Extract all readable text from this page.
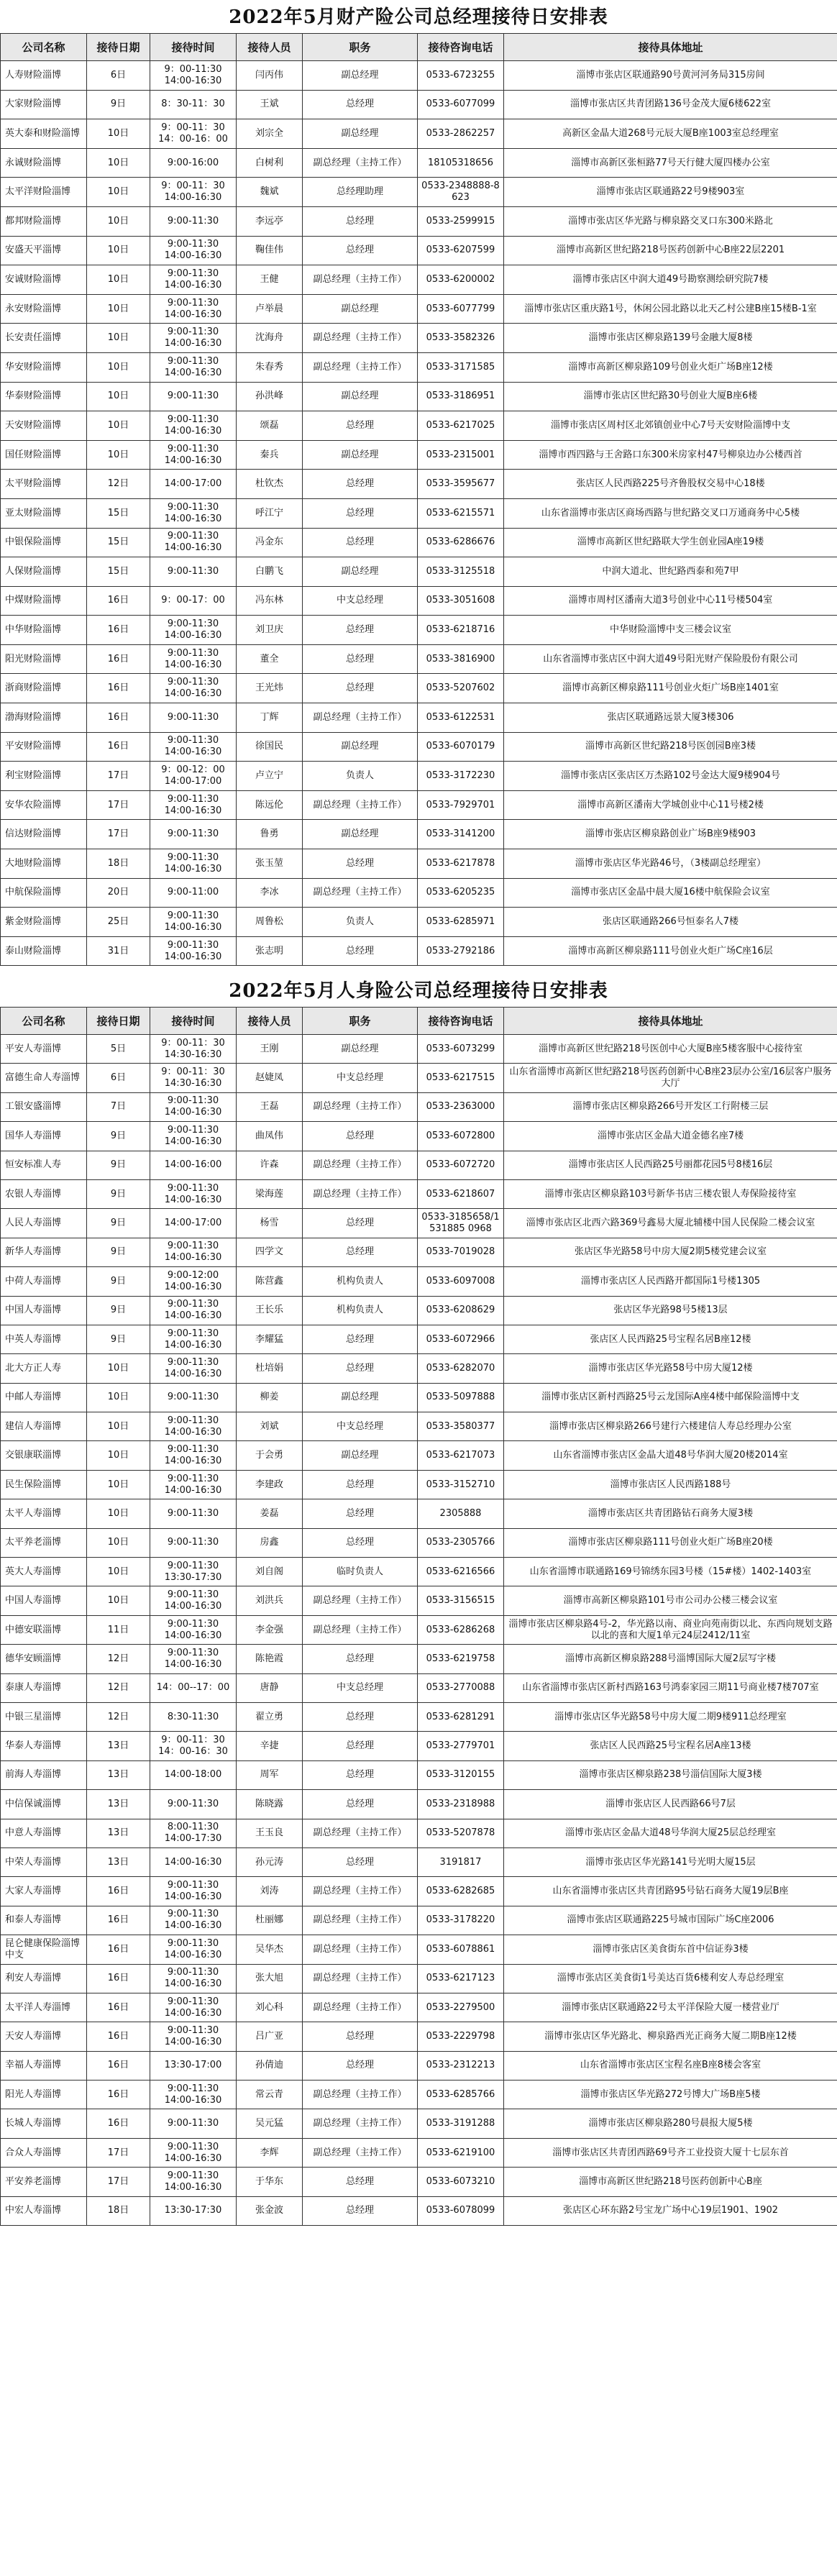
2022年5月财产险公司总经理接待日安排表
公司名称	接待日期	接待时间	接待人员	职务	接待咨询电话	接待具体地址
人寿财险淄博	6日	9：00-11:30
14:00-16:30	闫丙伟	副总经理	0533-6723255	淄博市张店区联通路90号黄河河务局315房间
大家财险淄博	9日	8：30-11：30	王斌	总经理	0533-6077099	淄博市张店区共青团路136号金茂大厦6楼622室
英大泰和财险淄博	10日	9：00-11：30
14：00-16：00	刘宗全	副总经理	0533-2862257	高新区金晶大道268号元辰大厦B座1003室总经理室
永诚财险淄博	10日	9:00-16:00	白树利	副总经理（主持工作）	18105318656	淄博市高新区张桓路77号天行健大厦四楼办公室
太平洋财险淄博	10日	9：00-11：30
14:00-16:30	魏斌	总经理助理	0533-2348888-8623	淄博市张店区联通路22号9楼903室
都邦财险淄博	10日	9:00-11:30	李远亭	总经理	0533-2599915	淄博市张店区华光路与柳泉路交叉口东300米路北
安盛天平淄博	10日	9:00-11:30
14:00-16:30	鞠佳伟	总经理	0533-6207599	淄博市高新区世纪路218号医药创新中心B座22层2201
安诚财险淄博	10日	9:00-11:30
14:00-16:30	王健	副总经理（主持工作）	0533-6200002	淄博市张店区中润大道49号勘察测绘研究院7楼
永安财险淄博	10日	9:00-11:30
14:00-16:30	卢举晨	副总经理	0533-6077799	淄博市张店区重庆路1号，休闲公园北路以北天乙村公建B座15楼B-1室
长安责任淄博	10日	9:00-11:30
14:00-16:30	沈海舟	副总经理（主持工作）	0533-3582326	淄博市张店区柳泉路139号金融大厦8楼
华安财险淄博	10日	9:00-11:30
14:00-16:30	朱春秀	副总经理（主持工作）	0533-3171585	淄博市高新区柳泉路109号创业火炬广场B座12楼
华泰财险淄博	10日	9:00-11:30	孙洪峰	副总经理	0533-3186951	淄博市张店区世纪路30号创业大厦B座6楼
天安财险淄博	10日	9:00-11:30
14:00-16:30	颂磊	总经理	0533-6217025	淄博市张店区周村区北郊镇创业中心7号天安财险淄博中支
国任财险淄博	10日	9:00-11:30
14:00-16:30	秦兵	副总经理	0533-2315001	淄博市西四路与王舍路口东300米房家村47号柳泉边办公楼西首
太平财险淄博	12日	14:00-17:00	杜钦杰	总经理	0533-3595677	张店区人民西路225号齐鲁股权交易中心18楼
亚太财险淄博	15日	9:00-11:30
14:00-16:30	呼江宁	总经理	0533-6215571	山东省淄博市张店区商场西路与世纪路交叉口万通商务中心5楼
中银保险淄博	15日	9:00-11:30
14:00-16:30	冯金东	总经理	0533-6286676	淄博市高新区世纪路联大学生创业园A座19楼
人保财险淄博	15日	9:00-11:30	白鹏飞	副总经理	0533-3125518	中润大道北、世纪路西泰和苑7甲
中煤财险淄博	16日	9：00-17：00	冯东林	中支总经理	0533-3051608	淄博市周村区潘南大道3号创业中心11号楼504室
中华财险淄博	16日	9:00-11:30
14:00-16:30	刘卫庆	总经理	0533-6218716	中华财险淄博中支三楼会议室
阳光财险淄博	16日	9:00-11:30
14:00-16:30	董全	总经理	0533-3816900	山东省淄博市张店区中润大道49号阳光财产保险股份有限公司
浙商财险淄博	16日	9:00-11:30
14:00-16:30	王光炜	总经理	0533-5207602	淄博市高新区柳泉路111号创业火炬广场B座1401室
渤海财险淄博	16日	9:00-11:30	丁辉	副总经理（主持工作）	0533-6122531	张店区联通路远景大厦3楼306
平安财险淄博	16日	9:00-11:30
14:00-16:30	徐国民	副总经理	0533-6070179	淄博市高新区世纪路218号医创园B座3楼
利宝财险淄博	17日	9：00-12：00
14:00-17:00	卢立宁	负责人	0533-3172230	淄博市张店区张店区万杰路102号金达大厦9楼904号
安华农险淄博	17日	9:00-11:30
14:00-16:30	陈远伦	副总经理（主持工作）	0533-7929701	淄博市高新区潘南大学城创业中心11号楼2楼
信达财险淄博	17日	9:00-11:30	鲁勇	副总经理	0533-3141200	淄博市张店区柳泉路创业广场B座9楼903
大地财险淄博	18日	9:00-11:30
14:00-16:30	张玉堃	总经理	0533-6217878	淄博市张店区华光路46号，（3楼副总经理室）
中航保险淄博	20日	9:00-11:00	李冰	副总经理（主持工作）	0533-6205235	淄博市张店区金晶中晨大厦16楼中航保险会议室
紫金财险淄博	25日	9:00-11:30
14:00-16:30	周鲁松	负责人	0533-6285971	张店区联通路266号恒泰名人7楼
泰山财险淄博	31日	9:00-11:30
14:00-16:30	张志明	总经理	0533-2792186	淄博市高新区柳泉路111号创业火炬广场C座16层
2022年5月人身险公司总经理接待日安排表
公司名称	接待日期	接待时间	接待人员	职务	接待咨询电话	接待具体地址
平安人寿淄博	5日	9：00-11：30
14:30-16:30	王刚	副总经理	0533-6073299	淄博市高新区世纪路218号医创中心大厦B座5楼客服中心接待室
富德生命人寿淄博	6日	9：00-11：30
14:30-16:30	赵婕凤	中支总经理	0533-6217515	山东省淄博市高新区世纪路218号医药创新中心B座23层办公室/16层客户服务大厅
工银安盛淄博	7日	9:00-11:30
14:00-16:30	王磊	副总经理（主持工作）	0533-2363000	淄博市张店区柳泉路266号开发区工行附楼三层
国华人寿淄博	9日	9:00-11:30
14:00-16:30	曲凤伟	总经理	0533-6072800	淄博市张店区金晶大道金德名座7楼
恒安标准人寿	9日	14:00-16:00	许森	副总经理（主持工作）	0533-6072720	淄博市张店区人民西路25号丽都花园5号8楼16层
农银人寿淄博	9日	9:00-11:30
14:00-16:30	梁海莲	副总经理（主持工作）	0533-6218607	淄博市张店区柳泉路103号新华书店三楼农银人寿保险接待室
人民人寿淄博	9日	14:00-17:00	杨雪	总经理	0533-3185658/1531885 0968	淄博市张店区北西六路369号鑫易大厦北辅楼中国人民保险二楼会议室
新华人寿淄博	9日	9:00-11:30
14:00-16:30	四学文	总经理	0533-7019028	张店区华光路58号中房大厦2期5楼党建会议室
中荷人寿淄博	9日	9:00-12:00
14:00-16:30	陈营鑫	机构负责人	0533-6097008	淄博市张店区人民西路开都国际1号楼1305
中国人寿淄博	9日	9:00-11:30
14:00-16:30	王长乐	机构负责人	0533-6208629	张店区华光路98号5楼13层
中英人寿淄博	9日	9:00-11:30
14:00-16:30	李耀猛	总经理	0533-6072966	张店区人民西路25号宝程名居B座12楼
北大方正人寿	10日	9:00-11:30
14:00-16:30	杜培娟	总经理	0533-6282070	淄博市张店区华光路58号中房大厦12楼
中邮人寿淄博	10日	9:00-11:30	柳姜	副总经理	0533-5097888	淄博市张店区新村西路25号云龙国际A座4楼中邮保险淄博中支
建信人寿淄博	10日	9:00-11:30
14:00-16:30	刘斌	中支总经理	0533-3580377	淄博市张店区柳泉路266号建行六楼建信人寿总经理办公室
交银康联淄博	10日	9:00-11:30
14:00-16:30	于会勇	副总经理	0533-6217073	山东省淄博市张店区金晶大道48号华润大厦20楼2014室
民生保险淄博	10日	9:00-11:30
14:00-16:30	李建政	总经理	0533-3152710	淄博市张店区人民西路188号
太平人寿淄博	10日	9:00-11:30	姜磊	总经理	2305888	淄博市张店区共青团路钻石商务大厦3楼
太平养老淄博	10日	9:00-11:30	房鑫	总经理	0533-2305766	淄博市张店区柳泉路111号创业火炬广场B座20楼
英大人寿淄博	10日	9:00-11:30
13:30-17:30	刘自阁	临时负责人	0533-6216566	山东省淄博市联通路169号锦绣东园3号楼（15#楼）1402-1403室
中国人寿淄博	10日	9:00-11:30
14:00-16:30	刘洪兵	副总经理（主持工作）	0533-3156515	淄博市高新区柳泉路101号市公司办公楼三楼会议室
中德安联淄博	11日	9:00-11:30
14:00-16:30	李金强	副总经理（主持工作）	0533-6286268	淄博市张店区柳泉路4号-2，华光路以南、商业向苑南街以北、东西向规划支路以北的喜和大厦1单元24层2412/11室
德华安顾淄博	12日	9:00-11:30
14:00-16:30	陈艳霞	总经理	0533-6219758	淄博市高新区柳泉路288号淄博国际大厦2层写字楼
泰康人寿淄博	12日	14：00--17：00	唐静	中支总经理	0533-2770088	山东省淄博市张店区新村西路163号鸿泰家园三期11号商业楼7楼707室
中银三星淄博	12日	8:30-11:30	翟立勇	总经理	0533-6281291	淄博市张店区华光路58号中房大厦二期9楼911总经理室
华泰人寿淄博	13日	9：00-11：30
14：00-16：30	辛捷	总经理	0533-2779701	张店区人民西路25号宝程名居A座13楼
前海人寿淄博	13日	14:00-18:00	周军	总经理	0533-3120155	淄博市张店区柳泉路238号淄信国际大厦3楼
中信保诚淄博	13日	9:00-11:30	陈晓露	总经理	0533-2318988	淄博市张店区人民西路66号7层
中意人寿淄博	13日	8:00-11:30
14:00-17:30	王玉良	副总经理（主持工作）	0533-5207878	淄博市张店区金晶大道48号华润大厦25层总经理室
中荣人寿淄博	13日	14:00-16:30	孙元涛	总经理	3191817	淄博市张店区华光路141号光明大厦15层
大家人寿淄博	16日	9:00-11:30
14:00-16:30	刘涛	副总经理（主持工作）	0533-6282685	山东省淄博市张店区共青团路95号钻石商务大厦19层B座
和泰人寿淄博	16日	9:00-11:30
14:00-16:30	杜丽娜	副总经理（主持工作）	0533-3178220	淄博市张店区联通路225号城市国际广场C座2006
昆仑健康保险淄博中支	16日	9:00-11:30
14:00-16:30	吴华杰	副总经理（主持工作）	0533-6078861	淄博市张店区美食街东首中信证券3楼
利安人寿淄博	16日	9:00-11:30
14:00-16:30	张大旭	副总经理（主持工作）	0533-6217123	淄博市张店区美食街1号美达百货6楼利安人寿总经理室
太平洋人寿淄博	16日	9:00-11:30
14:00-16:30	刘心科	副总经理（主持工作）	0533-2279500	淄博市张店区联通路22号太平洋保险大厦一楼营业厅
天安人寿淄博	16日	9:00-11:30
14:00-16:30	吕广亚	总经理	0533-2229798	淄博市张店区华光路北、柳泉路西光正商务大厦二期B座12楼
幸福人寿淄博	16日	13:30-17:00	孙倩迪	总经理	0533-2312213	山东省淄博市张店区宝程名座B座8楼会客室
阳光人寿淄博	16日	9:00-11:30
14:00-16:30	常云青	副总经理（主持工作）	0533-6285766	淄博市张店区华光路272号博大广场B座5楼
长城人寿淄博	16日	9:00-11:30	吴元猛	副总经理（主持工作）	0533-3191288	淄博市张店区柳泉路280号晨报大厦5楼
合众人寿淄博	17日	9:00-11:30
14:00-16:30	李辉	副总经理（主持工作）	0533-6219100	淄博市张店区共青团西路69号齐工业投资大厦十七层东首
平安养老淄博	17日	9:00-11:30
14:00-16:30	于华东	总经理	0533-6073210	淄博市高新区世纪路218号医药创新中心B座
中宏人寿淄博	18日	13:30-17:30	张金波	总经理	0533-6078099	张店区心环东路2号宝龙广场中心19层1901、1902
